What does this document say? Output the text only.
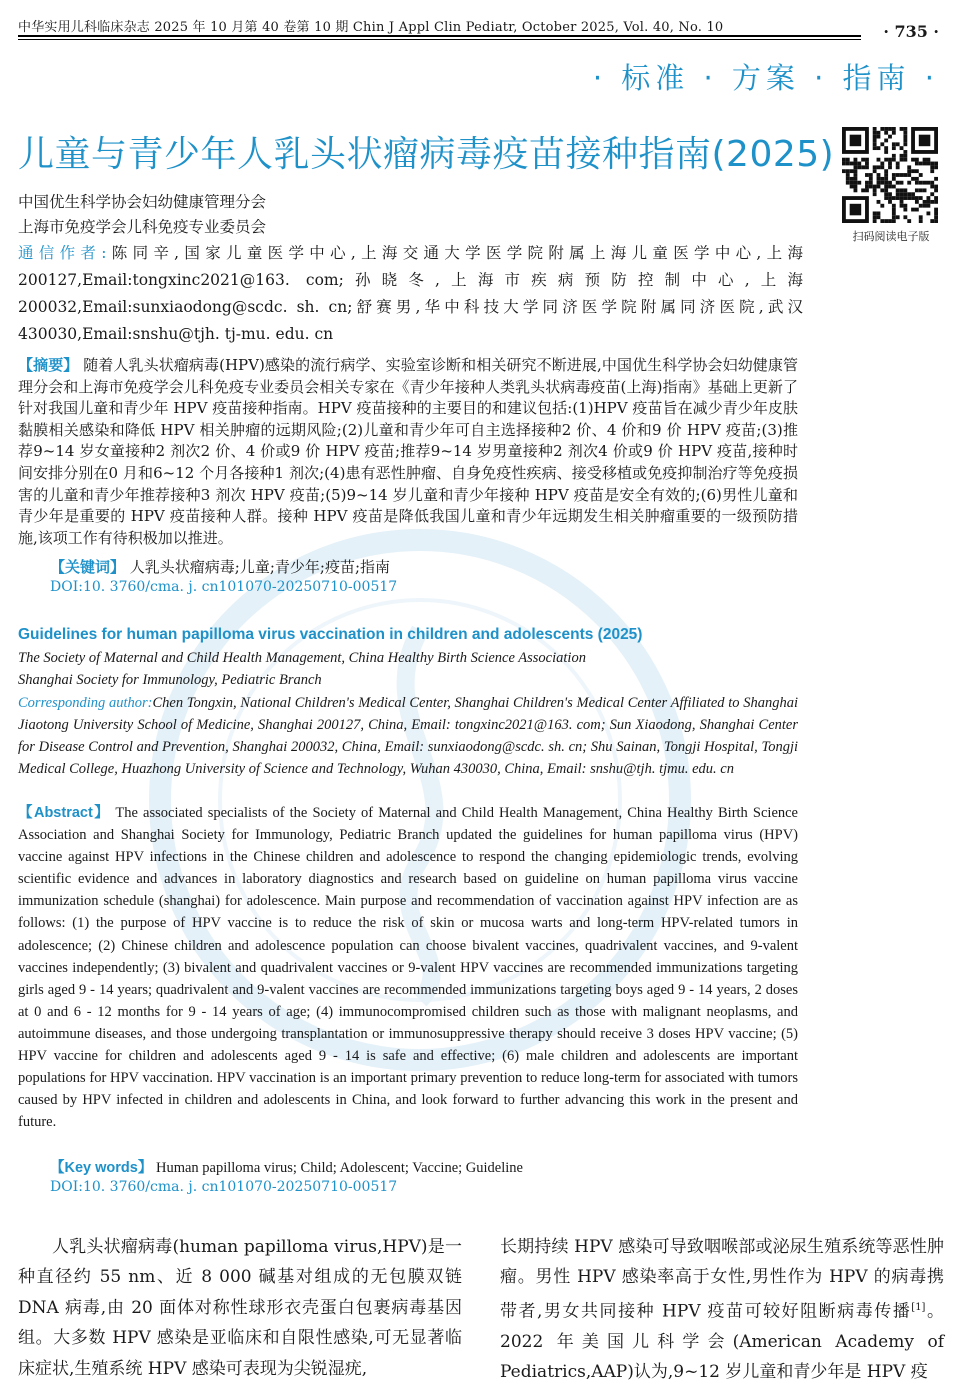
中华实用儿科临床杂志 2025 年 10 月第 40 卷第 10 期 Chin J Appl Clin Pediatr, October 2025, Vol. 40, No. 10	· 735 ·
· 标准 · 方案 · 指南 ·
儿童与青少年人乳头状瘤病毒疫苗接种指南(2025)
扫码阅读电子版
中国优生科学协会妇幼健康管理分会
上海市免疫学会儿科免疫专业委员会
通信作者:陈同辛,国家儿童医学中心,上海交通大学医学院附属上海儿童医学中心,上海 200127,Email:tongxinc2021@163. com;孙晓冬,上海市疾病预防控制中心,上海 200032,Email:sunxiaodong@scdc. sh. cn;舒赛男,华中科技大学同济医学院附属同济医院,武汉 430030,Email:snshu@tjh. tj-mu. edu. cn
【摘要】 随着人乳头状瘤病毒(HPV)感染的流行病学、实验室诊断和相关研究不断进展,中国优生科学协会妇幼健康管理分会和上海市免疫学会儿科免疫专业委员会相关专家在《青少年接种人类乳头状病毒疫苗(上海)指南》基础上更新了针对我国儿童和青少年 HPV 疫苗接种指南。HPV 疫苗接种的主要目的和建议包括:(1)HPV 疫苗旨在减少青少年皮肤黏膜相关感染和降低 HPV 相关肿瘤的远期风险;(2)儿童和青少年可自主选择接种2 价、4 价和9 价 HPV 疫苗;(3)推荐9~14 岁女童接种2 剂次2 价、4 价或9 价 HPV 疫苗;推荐9~14 岁男童接种2 剂次4 价或9 价 HPV 疫苗,接种时间安排分别在0 月和6~12 个月各接种1 剂次;(4)患有恶性肿瘤、自身免疫性疾病、接受移植或免疫抑制治疗等免疫损害的儿童和青少年推荐接种3 剂次 HPV 疫苗;(5)9~14 岁儿童和青少年接种 HPV 疫苗是安全有效的;(6)男性儿童和青少年是重要的 HPV 疫苗接种人群。接种 HPV 疫苗是降低我国儿童和青少年远期发生相关肿瘤重要的一级预防措施,该项工作有待积极加以推进。
【关键词】 人乳头状瘤病毒;儿童;青少年;疫苗;指南
DOI:10. 3760/cma. j. cn101070-20250710-00517
Guidelines for human papilloma virus vaccination in children and adolescents (2025)
The Society of Maternal and Child Health Management, China Healthy Birth Science Association
Shanghai Society for Immunology, Pediatric Branch
Corresponding author:Chen Tongxin, National Children's Medical Center, Shanghai Children's Medical Center Affiliated to Shanghai Jiaotong University School of Medicine, Shanghai 200127, China, Email: tongxinc2021@163. com; Sun Xiaodong, Shanghai Center for Disease Control and Prevention, Shanghai 200032, China, Email: sunxiaodong@scdc. sh. cn; Shu Sainan, Tongji Hospital, Tongji Medical College, Huazhong University of Science and Technology, Wuhan 430030, China, Email: snshu@tjh. tjmu. edu. cn
【Abstract】 The associated specialists of the Society of Maternal and Child Health Management, China Healthy Birth Science Association and Shanghai Society for Immunology, Pediatric Branch updated the guidelines for human papilloma virus (HPV) vaccine against HPV infections in the Chinese children and adolescence to respond the changing epidemiologic trends, evolving scientific evidence and advances in laboratory diagnostics and research based on guideline on human papilloma virus vaccine immunization schedule (shanghai) for adolescence. Main purpose and recommendation of vaccination against HPV infection are as follows: (1) the purpose of HPV vaccine is to reduce the risk of skin or mucosa warts and long-term HPV-related tumors in adolescence; (2) Chinese children and adolescence population can choose bivalent vaccines, quadrivalent vaccines, and 9-valent vaccines independently; (3) bivalent and quadrivalent vaccines or 9-valent HPV vaccines are recommended immunizations targeting girls aged 9 - 14 years; quadrivalent and 9-valent vaccines are recommended immunizations targeting boys aged 9 - 14 years, 2 doses at 0 and 6 - 12 months for 9 - 14 years of age; (4) immunocompromised children such as those with malignant neoplasms, and autoimmune diseases, and those undergoing transplantation or immunosuppressive therapy should receive 3 doses HPV vaccine; (5) HPV vaccine for children and adolescents aged 9 - 14 is safe and effective; (6) male children and adolescents are important populations for HPV vaccination. HPV vaccination is an important primary prevention to reduce long-term for associated with tumors caused by HPV infected in children and adolescents in China, and look forward to further advancing this work in the present and future.
【Key words】 Human papilloma virus; Child; Adolescent; Vaccine; Guideline
DOI:10. 3760/cma. j. cn101070-20250710-00517
人乳头状瘤病毒(human papilloma virus,HPV)是一种直径约 55 nm、近 8 000 碱基对组成的无包膜双链 DNA 病毒,由 20 面体对称性球形衣壳蛋白包裹病毒基因组。大多数 HPV 感染是亚临床和自限性感染,可无显著临床症状,生殖系统 HPV 感染可表现为尖锐湿疣,
长期持续 HPV 感染可导致咽喉部或泌尿生殖系统等恶性肿瘤。男性 HPV 感染率高于女性,男性作为 HPV 的病毒携带者,男女共同接种 HPV 疫苗可较好阻断病毒传播[1]。2022 年美国儿科学会(American Academy of Pediatrics,AAP)认为,9~12 岁儿童和青少年是 HPV 疫
